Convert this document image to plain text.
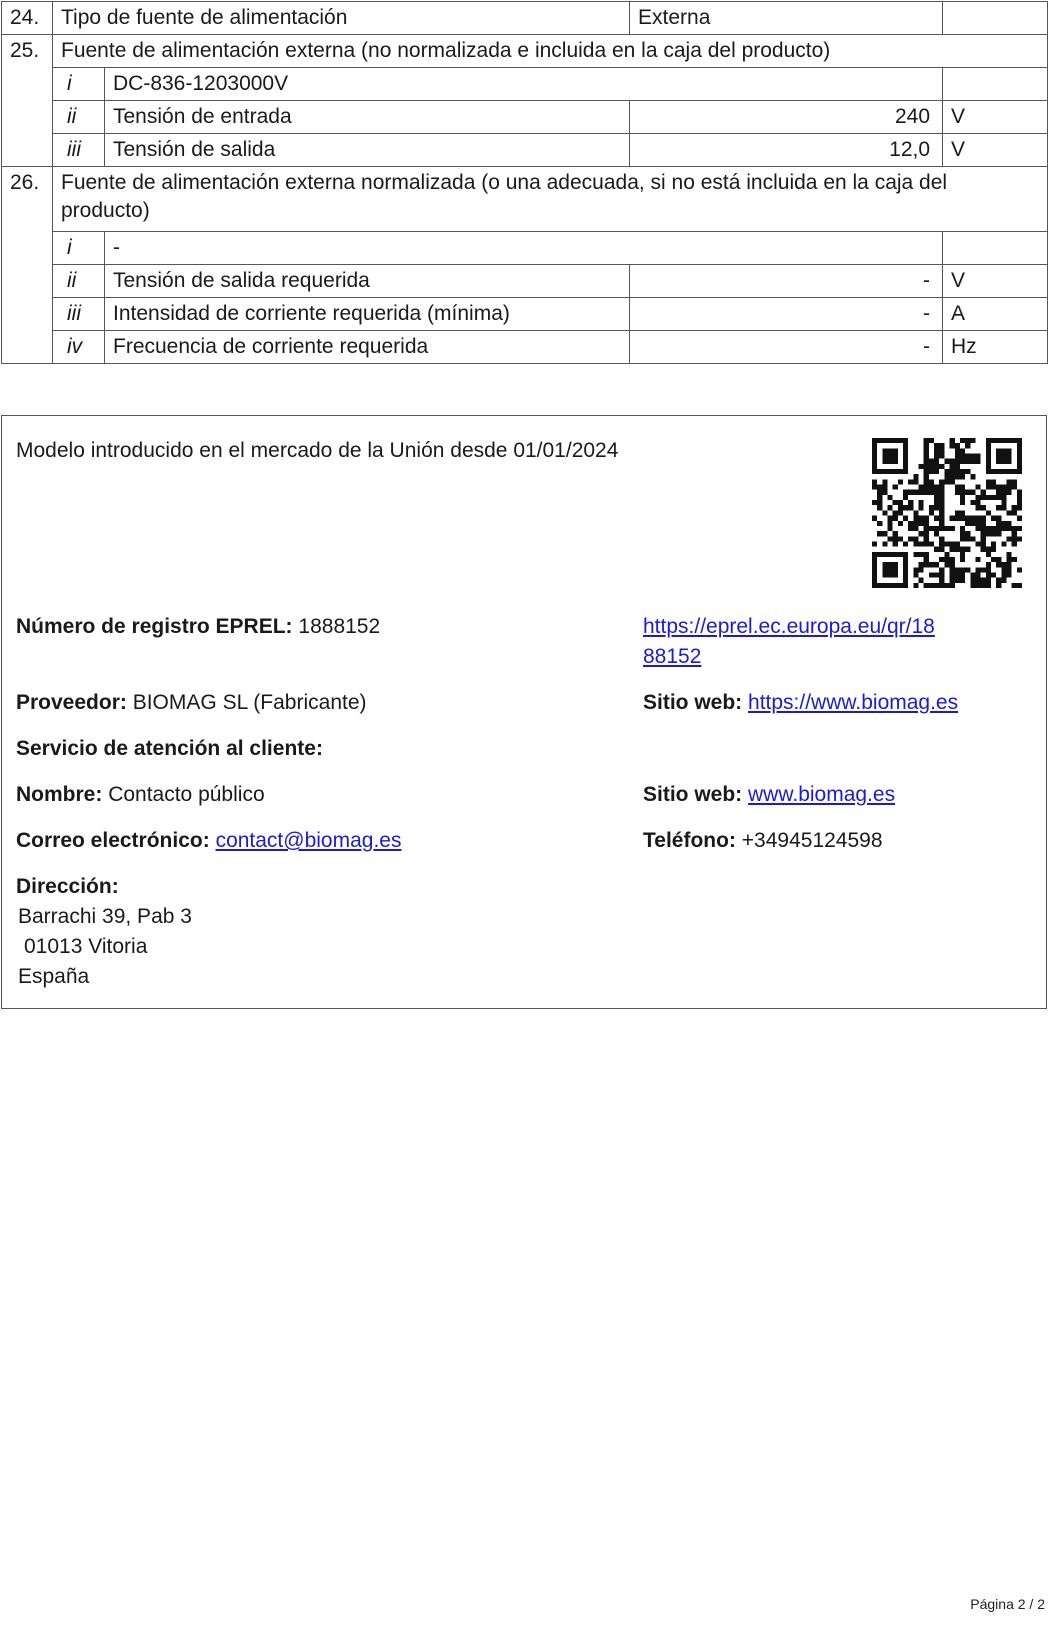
24.	Tipo de fuente de alimentación		Externa	
25.	Fuente de alimentación externa (no normalizada e incluida en la caja del producto)			
	i	DC-836-1203000V		
	ii	Tensión de entrada	240	V
	iii	Tensión de salida	12,0	V
26.	Fuente de alimentación externa normalizada (o una adecuada, si no está incluida en la caja del producto)			
	i	-		
	ii	Tensión de salida requerida	-	V
	iii	Intensidad de corriente requerida (mínima)	-	A
	iv	Frecuencia de corriente requerida	-	Hz
Modelo introducido en el mercado de la Unión desde 01/01/2024
Número de registro EPREL: 1888152	https://eprel.ec.europa.eu/qr/18
88152
Proveedor: BIOMAG SL (Fabricante)	Sitio web: https://www.biomag.es
Servicio de atención al cliente:
Nombre: Contacto público	Sitio web: www.biomag.es
Correo electrónico: contact@biomag.es	Teléfono: +34945124598
Dirección:
Barrachi 39, Pab 3
01013 Vitoria
España
Página 2 / 2
